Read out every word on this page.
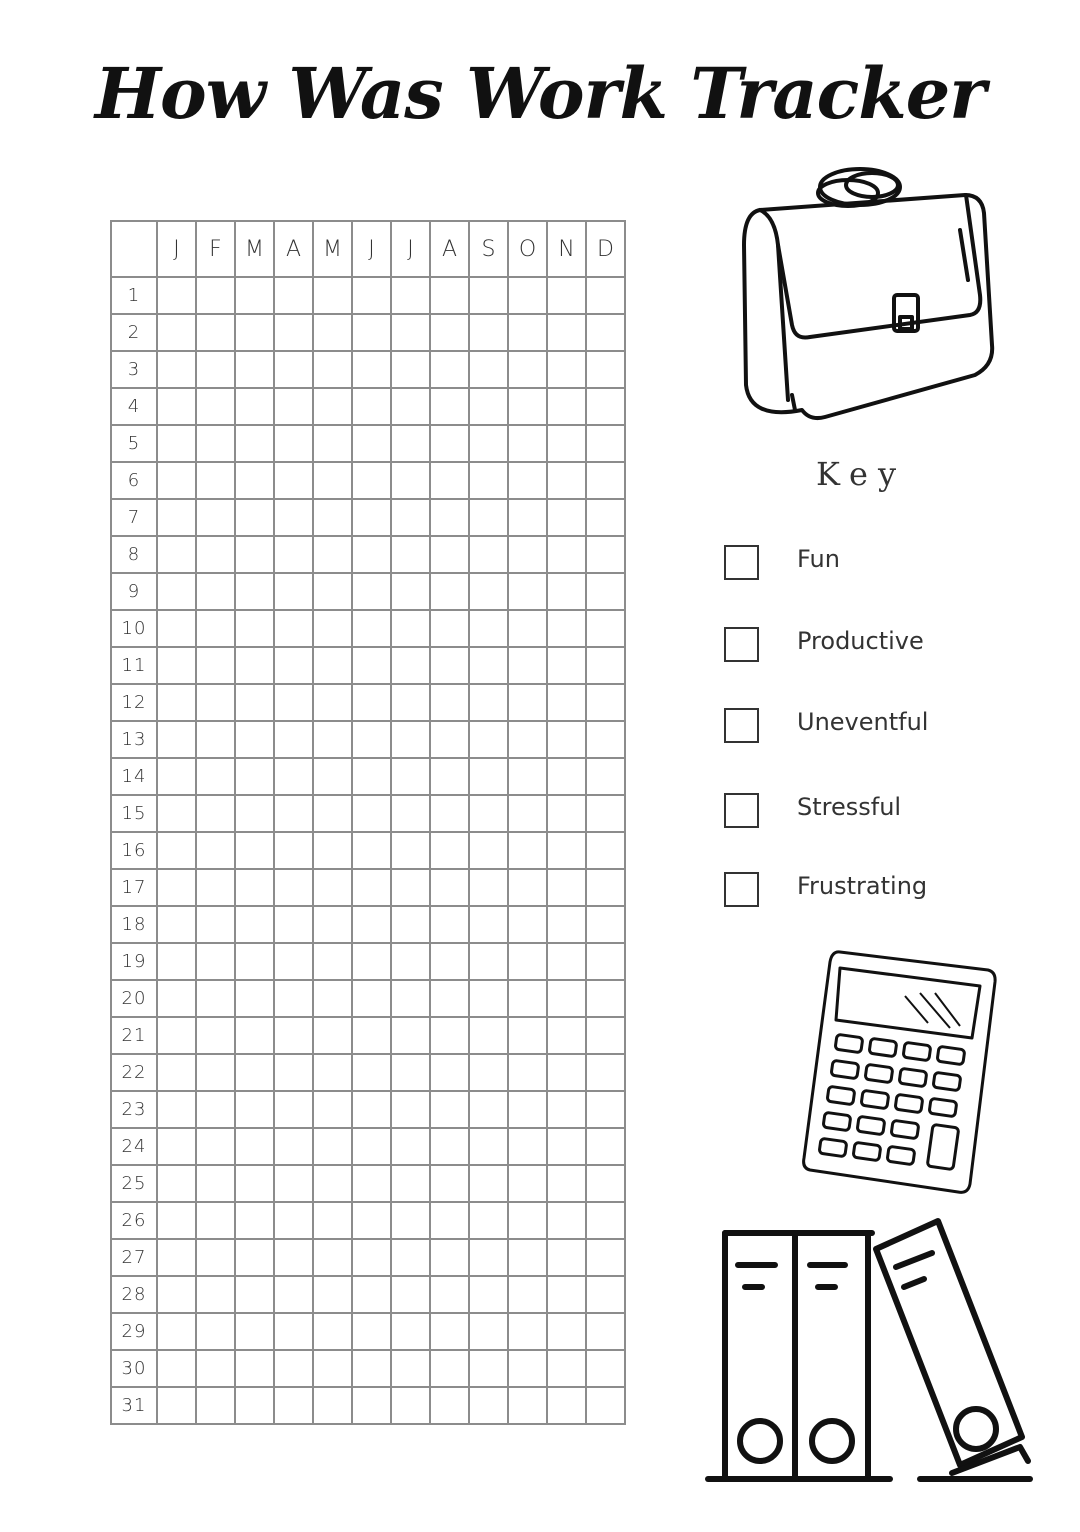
How Was Work Tracker
	J	F	M	A	M	J	J	A	S	O	N	D
1												
2												
3												
4												
5												
6												
7												
8												
9												
10												
11												
12												
13												
14												
15												
16												
17												
18												
19												
20												
21												
22												
23												
24												
25												
26												
27												
28												
29												
30												
31												
Key
Fun
Productive
Uneventful
Stressful
Frustrating
